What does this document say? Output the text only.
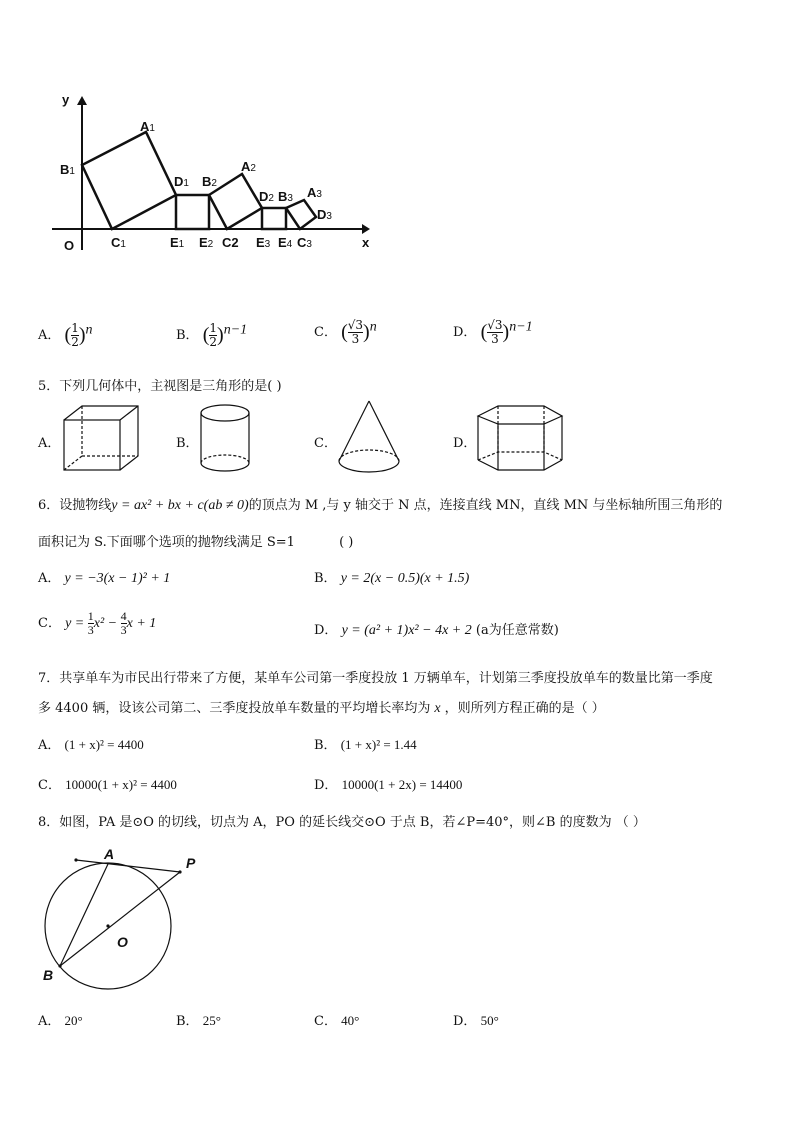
y
x
O
A1
B1
C1
D1
E1
B2
E2
A2
C2
D2 B3
E3 E4 C3
A3
D3
A． ( $\frac{1}{2} )^n$	B． ( $\frac{1}{2} )^{n-1}$	C． ( $\frac{√3}{3} )^n$	D． ( $\frac{√3}{3} )^{n-1}$
5．下列几何体中，主视图是三角形的是( )
A．	B．	C．	D．
6．设抛物线y = ax² + bx + c(ab ≠ 0)的顶点为 M ,与 y 轴交于 N 点，连接直线 MN，直线 MN 与坐标轴所围三角形的
面积记为 S.下面哪个选项的抛物线满足 S=1	( )
A． y = −3(x − 1)² + 1	B． y = 2(x − 0.5)(x + 1.5)
C． $y = \frac{1}{3} x^2 - \frac{4}{3}$ x + 1	D． y = (a² + 1)x² − 4x + 2 (a为任意常数)
7．共享单车为市民出行带来了方便，某单车公司第一季度投放 1 万辆单车，计划第三季度投放单车的数量比第一季度
多 4400 辆，设该公司第二、三季度投放单车数量的平均增长率均为 x ，则所列方程正确的是（ ）
A． (1 + x)² = 4400	B． (1 + x)² = 1.44
C． 10000(1 + x)² = 4400	D． 10000(1 + 2x) = 14400
8．如图，PA 是⊙O 的切线，切点为 A，PO 的延长线交⊙O 于点 B，若∠P=40°，则∠B 的度数为 （ ）
A
P
O
B
A． 20°	B． 25°	C． 40°	D． 50°
